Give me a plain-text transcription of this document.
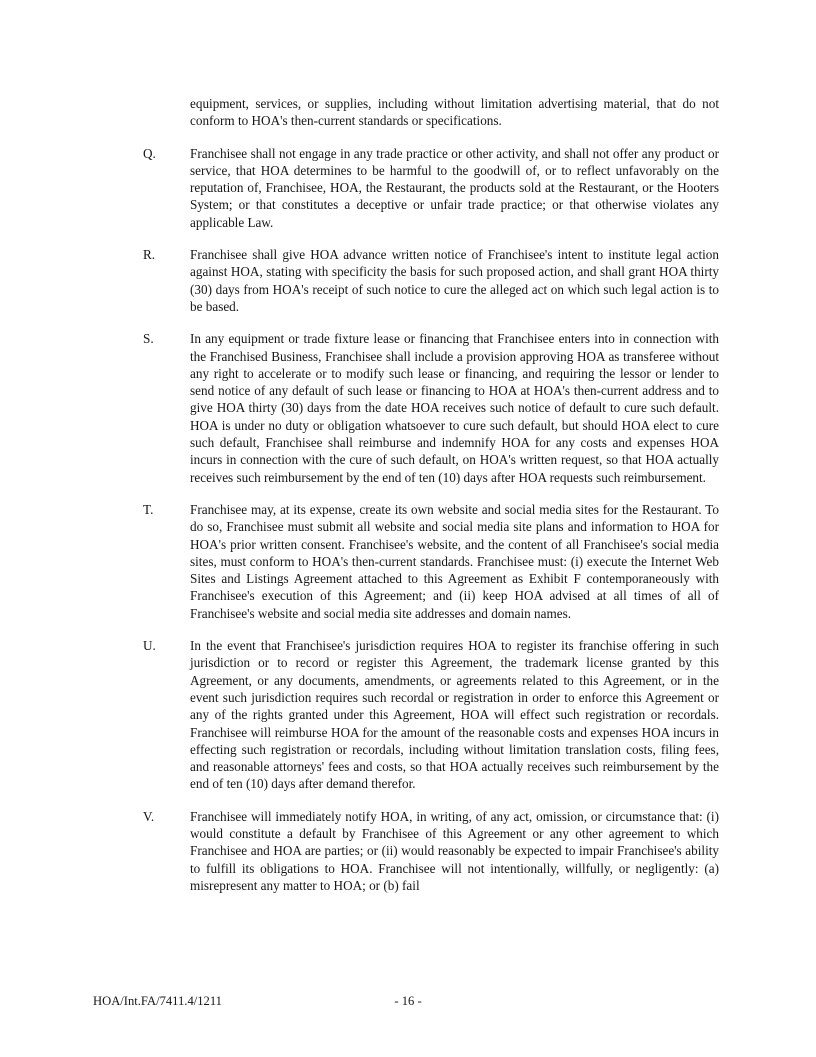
equipment, services, or supplies, including without limitation advertising material, that do not conform to HOA's then-current standards or specifications.
Q.	Franchisee shall not engage in any trade practice or other activity, and shall not offer any product or service, that HOA determines to be harmful to the goodwill of, or to reflect unfavorably on the reputation of, Franchisee, HOA, the Restaurant, the products sold at the Restaurant, or the Hooters System; or that constitutes a deceptive or unfair trade practice; or that otherwise violates any applicable Law.
R.	Franchisee shall give HOA advance written notice of Franchisee's intent to institute legal action against HOA, stating with specificity the basis for such proposed action, and shall grant HOA thirty (30) days from HOA's receipt of such notice to cure the alleged act on which such legal action is to be based.
S.	In any equipment or trade fixture lease or financing that Franchisee enters into in connection with the Franchised Business, Franchisee shall include a provision approving HOA as transferee without any right to accelerate or to modify such lease or financing, and requiring the lessor or lender to send notice of any default of such lease or financing to HOA at HOA's then-current address and to give HOA thirty (30) days from the date HOA receives such notice of default to cure such default. HOA is under no duty or obligation whatsoever to cure such default, but should HOA elect to cure such default, Franchisee shall reimburse and indemnify HOA for any costs and expenses HOA incurs in connection with the cure of such default, on HOA's written request, so that HOA actually receives such reimbursement by the end of ten (10) days after HOA requests such reimbursement.
T.	Franchisee may, at its expense, create its own website and social media sites for the Restaurant. To do so, Franchisee must submit all website and social media site plans and information to HOA for HOA's prior written consent. Franchisee's website, and the content of all Franchisee's social media sites, must conform to HOA's then-current standards. Franchisee must: (i) execute the Internet Web Sites and Listings Agreement attached to this Agreement as Exhibit F contemporaneously with Franchisee's execution of this Agreement; and (ii) keep HOA advised at all times of all of Franchisee's website and social media site addresses and domain names.
U.	In the event that Franchisee's jurisdiction requires HOA to register its franchise offering in such jurisdiction or to record or register this Agreement, the trademark license granted by this Agreement, or any documents, amendments, or agreements related to this Agreement, or in the event such jurisdiction requires such recordal or registration in order to enforce this Agreement or any of the rights granted under this Agreement, HOA will effect such registration or recordals. Franchisee will reimburse HOA for the amount of the reasonable costs and expenses HOA incurs in effecting such registration or recordals, including without limitation translation costs, filing fees, and reasonable attorneys' fees and costs, so that HOA actually receives such reimbursement by the end of ten (10) days after demand therefor.
V.	Franchisee will immediately notify HOA, in writing, of any act, omission, or circumstance that: (i) would constitute a default by Franchisee of this Agreement or any other agreement to which Franchisee and HOA are parties; or (ii) would reasonably be expected to impair Franchisee's ability to fulfill its obligations to HOA. Franchisee will not intentionally, willfully, or negligently: (a) misrepresent any matter to HOA; or (b) fail
HOA/Int.FA/7411.4/1211	- 16 -
